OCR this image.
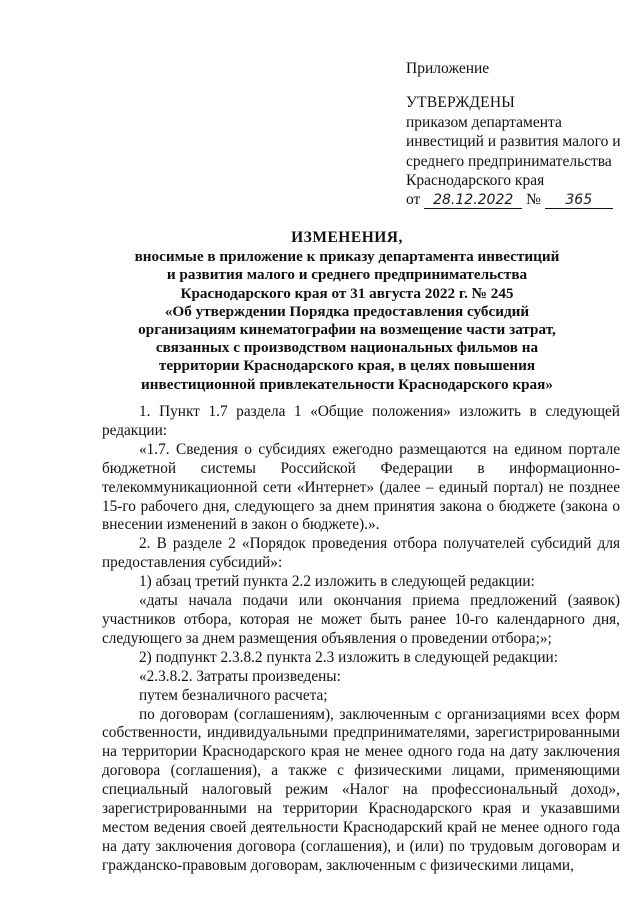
Приложение
УТВЕРЖДЕНЫ
приказом департамента
инвестиций и развития малого и
среднего предпринимательства
Краснодарского края
от 28.12.2022 № 365
ИЗМЕНЕНИЯ,
вносимые в приложение к приказу департамента инвестиций
и развития малого и среднего предпринимательства
Краснодарского края от 31 августа 2022 г. № 245
«Об утверждении Порядка предоставления субсидий
организациям кинематографии на возмещение части затрат,
связанных с производством национальных фильмов на
территории Краснодарского края, в целях повышения
инвестиционной привлекательности Краснодарского края»

1. Пункт 1.7 раздела 1 «Общие положения» изложить в следующей редакции:

«1.7. Сведения о субсидиях ежегодно размещаются на едином портале бюджетной системы Российской Федерации в информационно-телекоммуникационной сети «Интернет» (далее – единый портал) не позднее 15-го рабочего дня, следующего за днем принятия закона о бюджете (закона о внесении изменений в закон о бюджете).».

2. В разделе 2 «Порядок проведения отбора получателей субсидий для предоставления субсидий»:

1) абзац третий пункта 2.2 изложить в следующей редакции:

«даты начала подачи или окончания приема предложений (заявок) участников отбора, которая не может быть ранее 10-го календарного дня, следующего за днем размещения объявления о проведении отбора;»;

2) подпункт 2.3.8.2 пункта 2.3 изложить в следующей редакции:

«2.3.8.2. Затраты произведены:

путем безналичного расчета;

по договорам (соглашениям), заключенным с организациями всех форм собственности, индивидуальными предпринимателями, зарегистрированными на территории Краснодарского края не менее одного года на дату заключения договора (соглашения), а также с физическими лицами, применяющими специальный налоговый режим «Налог на профессиональный доход», зарегистрированными на территории Краснодарского края и указавшими местом ведения своей деятельности Краснодарский край не менее одного года на дату заключения договора (соглашения), и (или) по трудовым договорам и гражданско-правовым договорам, заключенным с физическими лицами,
